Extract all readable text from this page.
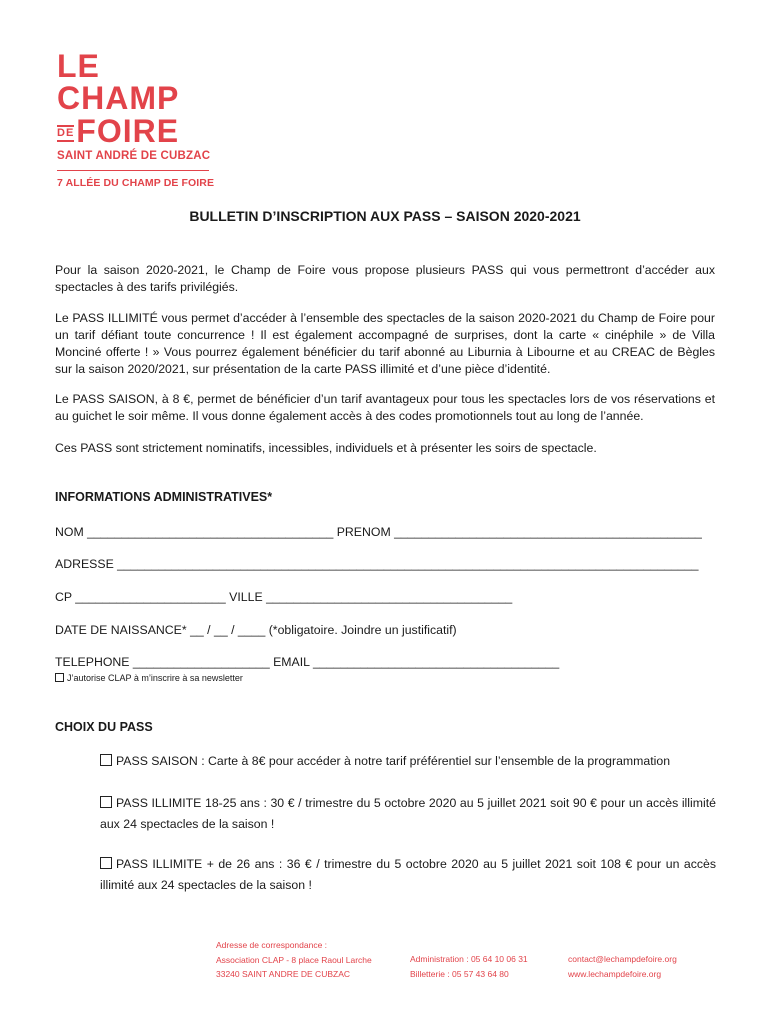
LE
CHAMP
DEFOIRE
SAINT ANDRÉ DE CUBZAC
7 ALLÉE DU CHAMP DE FOIRE
BULLETIN D’INSCRIPTION AUX PASS – SAISON 2020-2021
Pour la saison 2020-2021, le Champ de Foire vous propose plusieurs PASS qui vous permettront d’accéder aux spectacles à des tarifs privilégiés.
Le PASS ILLIMITÉ vous permet d’accéder à l’ensemble des spectacles de la saison 2020-2021 du Champ de Foire pour un tarif défiant toute concurrence ! Il est également accompagné de surprises, dont la carte « cinéphile » de Villa Monciné offerte ! » Vous pourrez également bénéficier du tarif abonné au Liburnia à Libourne et au CREAC de Bègles sur la saison 2020/2021, sur présentation de la carte PASS illimité et d’une pièce d’identité.
Le PASS SAISON, à 8 €, permet de bénéficier d’un tarif avantageux pour tous les spectacles lors de vos réservations et au guichet le soir même. Il vous donne également accès à des codes promotionnels tout au long de l’année.
Ces PASS sont strictement nominatifs, incessibles, individuels et à présenter les soirs de spectacle.
INFORMATIONS ADMINISTRATIVES*
NOM ____________________________________ PRENOM _____________________________________________
ADRESSE _____________________________________________________________________________________
CP ______________________ VILLE ____________________________________
DATE DE NAISSANCE* __ / __ / ____ (*obligatoire. Joindre un justificatif)
TELEPHONE ____________________ EMAIL ____________________________________
J’autorise CLAP à m’inscrire à sa newsletter
CHOIX DU PASS
PASS SAISON : Carte à 8€ pour accéder à notre tarif préférentiel sur l’ensemble de la programmation
PASS ILLIMITE 18-25 ans : 30 € / trimestre du 5 octobre 2020 au 5 juillet 2021 soit 90 € pour un accès illimité aux 24 spectacles de la saison !
PASS ILLIMITE + de 26 ans : 36 € / trimestre du 5 octobre 2020 au 5 juillet 2021 soit 108 € pour un accès illimité aux 24 spectacles de la saison !
Adresse de correspondance :
Association CLAP - 8 place Raoul Larche
33240 SAINT ANDRE DE CUBZAC
Administration : 05 64 10 06 31
Billetterie : 05 57 43 64 80
contact@lechampdefoire.org
www.lechampdefoire.org
